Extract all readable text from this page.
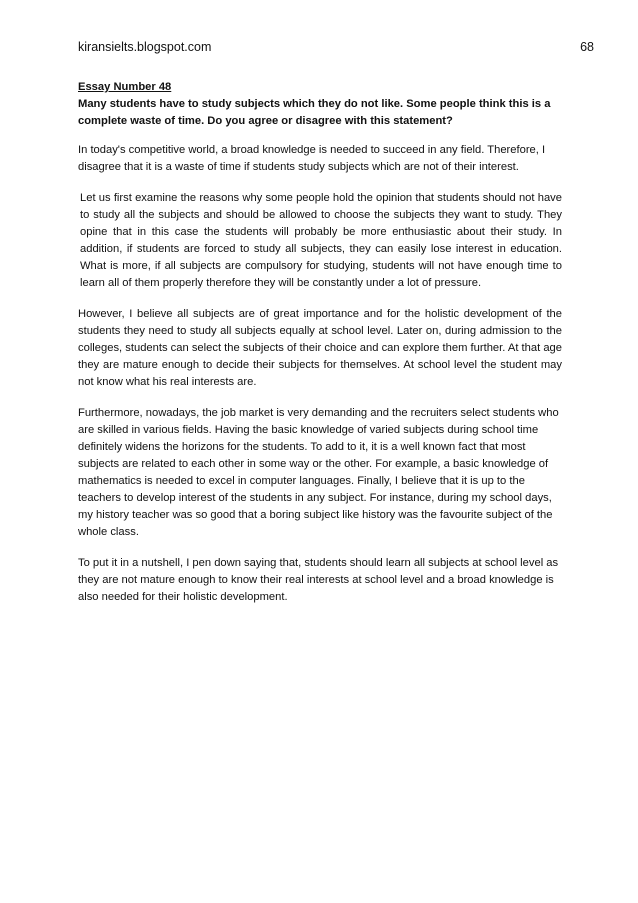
kiransielts.blogspot.com	68

Essay Number 48

Many students have to study subjects which they do not like. Some people think this is a complete waste of time. Do you agree or disagree with this statement?

In today's competitive world, a broad knowledge is needed to succeed in any field. Therefore, I disagree that it is a waste of time if students study subjects which are not of their interest.

Let us first examine the reasons why some people hold the opinion that students should not have to study all the subjects and should be allowed to choose the subjects they want to study. They opine that in this case the students will probably be more enthusiastic about their study. In addition, if students are forced to study all subjects, they can easily lose interest in education. What is more, if all subjects are compulsory for studying, students will not have enough time to learn all of them properly therefore they will be constantly under a lot of pressure.

However, I believe all subjects are of great importance and for the holistic development of the students they need to study all subjects equally at school level. Later on, during admission to the colleges, students can select the subjects of their choice and can explore them further. At that age they are mature enough to decide their subjects for themselves. At school level the student may not know what his real interests are.

Furthermore, nowadays, the job market is very demanding and the recruiters select students who are skilled in various fields. Having the basic knowledge of varied subjects during school time definitely widens the horizons for the students. To add to it, it is a well known fact that most subjects are related to each other in some way or the other. For example, a basic knowledge of mathematics is needed to excel in computer languages. Finally, I believe that it is up to the teachers to develop interest of the students in any subject. For instance, during my school days, my history teacher was so good that a boring subject like history was the favourite subject of the whole class.

To put it in a nutshell, I pen down saying that, students should learn all subjects at school level as they are not mature enough to know their real interests at school level and a broad knowledge is also needed for their holistic development.
